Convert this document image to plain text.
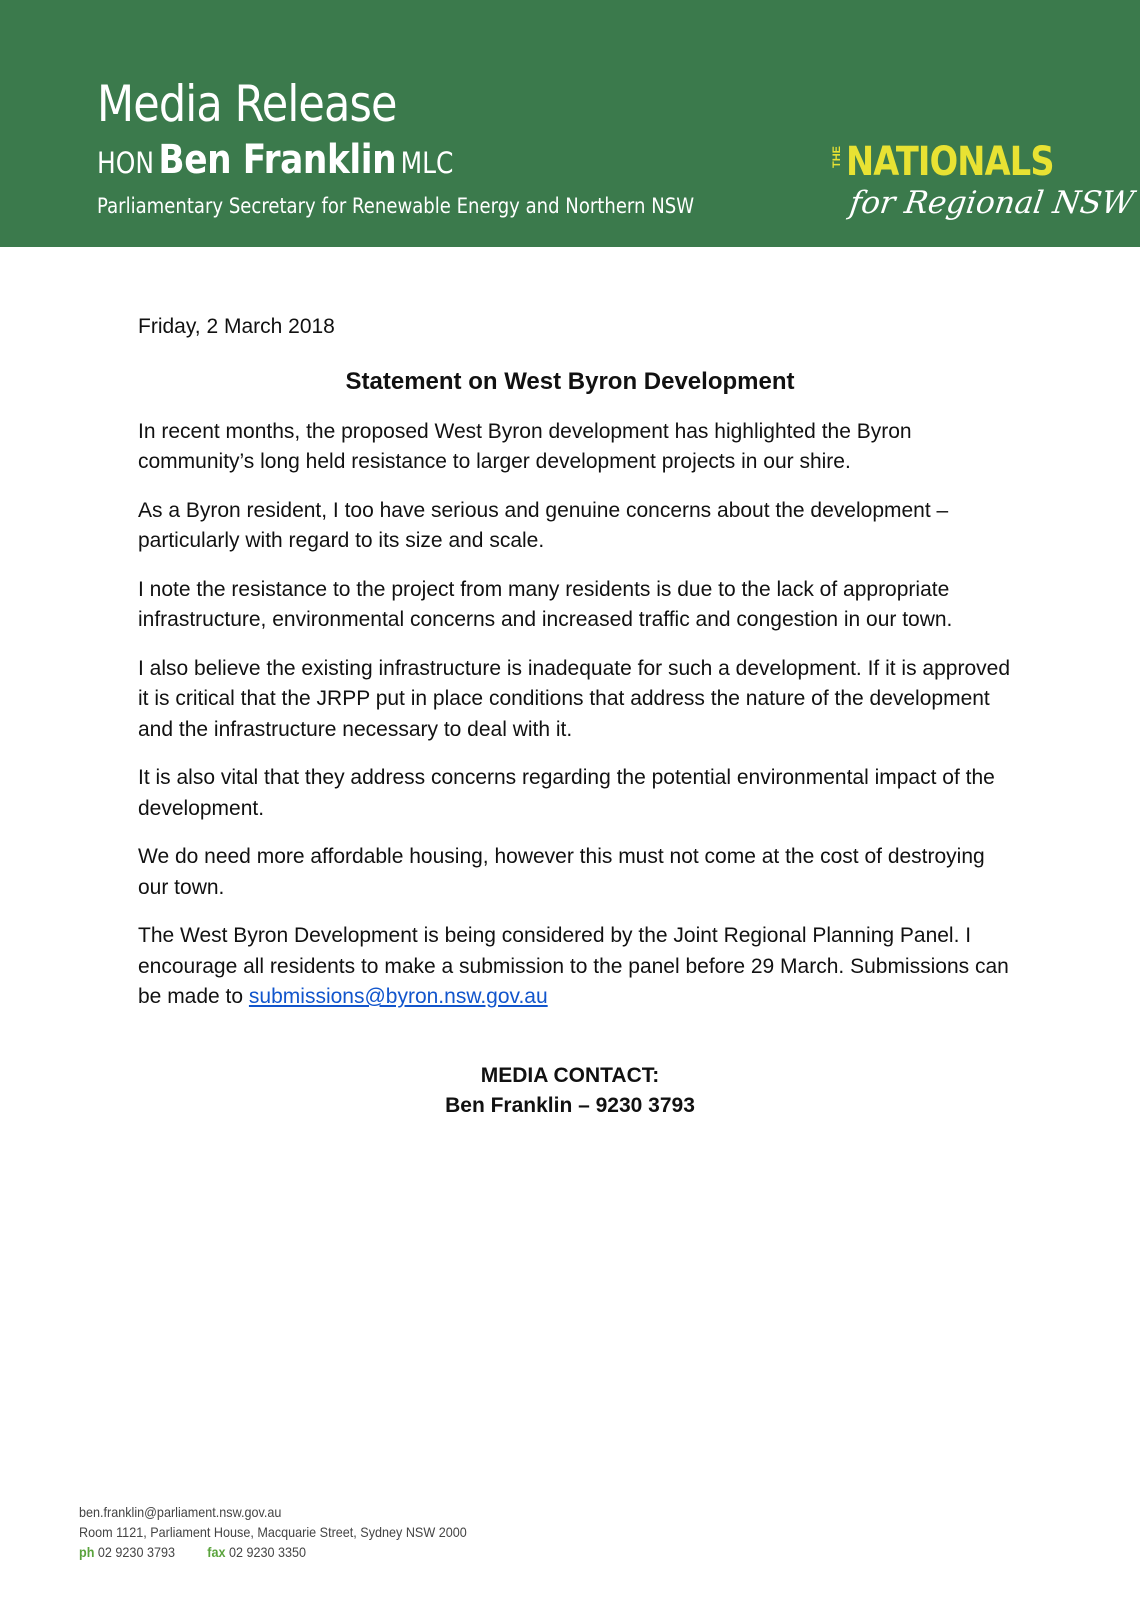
Media Release
HON Ben Franklin MLC
Parliamentary Secretary for Renewable Energy and Northern NSW
THE NATIONALS
for Regional NSW

Friday, 2 March 2018

Statement on West Byron Development

In recent months, the proposed West Byron development has highlighted the Byron community’s long held resistance to larger development projects in our shire.

As a Byron resident, I too have serious and genuine concerns about the development – particularly with regard to its size and scale.

I note the resistance to the project from many residents is due to the lack of appropriate infrastructure, environmental concerns and increased traffic and congestion in our town.

I also believe the existing infrastructure is inadequate for such a development. If it is approved it is critical that the JRPP put in place conditions that address the nature of the development and the infrastructure necessary to deal with it.

It is also vital that they address concerns regarding the potential environmental impact of the development.

We do need more affordable housing, however this must not come at the cost of destroying our town.

The West Byron Development is being considered by the Joint Regional Planning Panel. I encourage all residents to make a submission to the panel before 29 March. Submissions can be made to submissions@byron.nsw.gov.au

MEDIA CONTACT:
Ben Franklin – 9230 3793
ben.franklin@parliament.nsw.gov.au
Room 1121, Parliament House, Macquarie Street, Sydney NSW 2000
ph 02 9230 3793 fax 02 9230 3350
